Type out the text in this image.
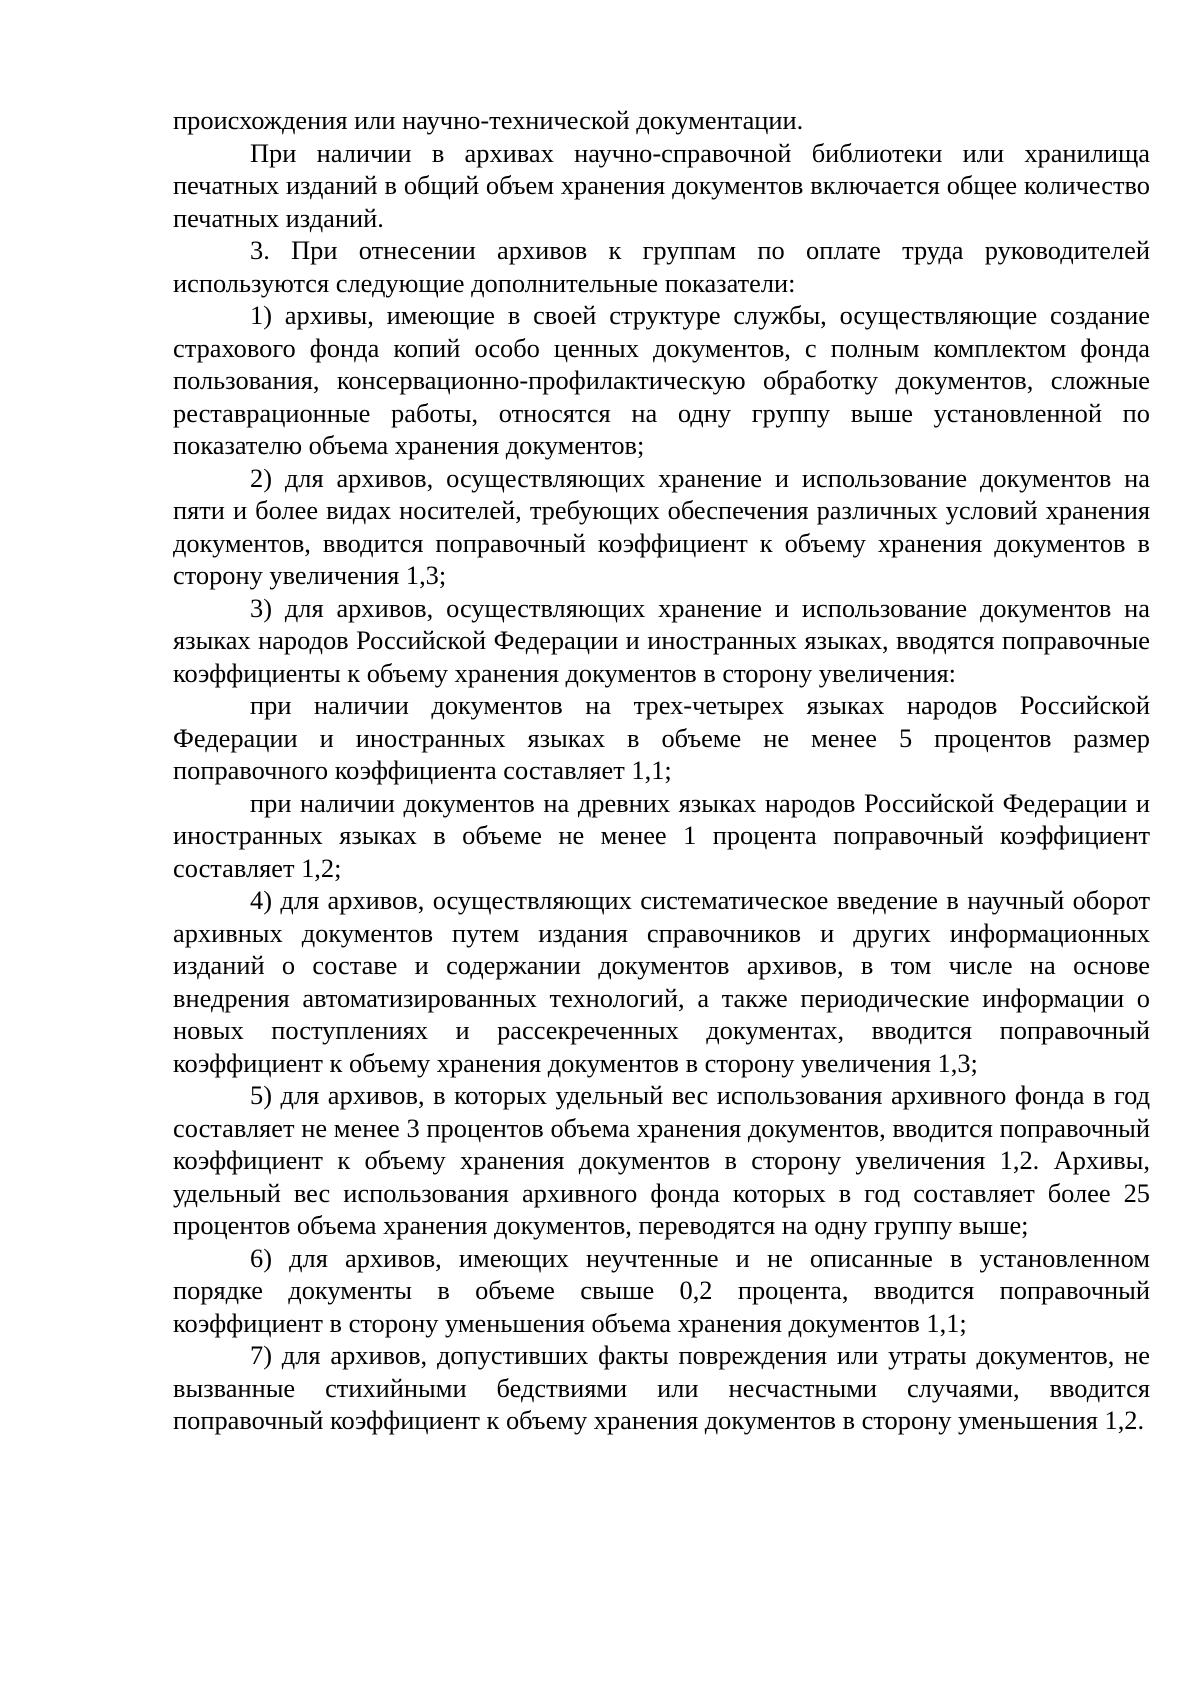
происхождения или научно-технической документации.

При наличии в архивах научно-справочной библиотеки или хранилища печатных изданий в общий объем хранения документов включается общее количество печатных изданий.

3. При отнесении архивов к группам по оплате труда руководителей используются следующие дополнительные показатели:

1) архивы, имеющие в своей структуре службы, осуществляющие создание страхового фонда копий особо ценных документов, с полным комплектом фонда пользования, консервационно-профилактическую обработку документов, сложные реставрационные работы, относятся на одну группу выше установленной по показателю объема хранения документов;

2) для архивов, осуществляющих хранение и использование документов на пяти и более видах носителей, требующих обеспечения различных условий хранения документов, вводится поправочный коэффициент к объему хранения документов в сторону увеличения 1,3;

3) для архивов, осуществляющих хранение и использование документов на языках народов Российской Федерации и иностранных языках, вводятся поправочные коэффициенты к объему хранения документов в сторону увеличения:

при наличии документов на трех-четырех языках народов Российской Федерации и иностранных языках в объеме не менее 5 процентов размер поправочного коэффициента составляет 1,1;

при наличии документов на древних языках народов Российской Федерации и иностранных языках в объеме не менее 1 процента поправочный коэффициент составляет 1,2;

4) для архивов, осуществляющих систематическое введение в научный оборот архивных документов путем издания справочников и других информационных изданий о составе и содержании документов архивов, в том числе на основе внедрения автоматизированных технологий, а также периодические информации о новых поступлениях и рассекреченных документах, вводится поправочный коэффициент к объему хранения документов в сторону увеличения 1,3;

5) для архивов, в которых удельный вес использования архивного фонда в год составляет не менее 3 процентов объема хранения документов, вводится поправочный коэффициент к объему хранения документов в сторону увеличения 1,2. Архивы, удельный вес использования архивного фонда которых в год составляет более 25 процентов объема хранения документов, переводятся на одну группу выше;

6) для архивов, имеющих неучтенные и не описанные в установленном порядке документы в объеме свыше 0,2 процента, вводится поправочный коэффициент в сторону уменьшения объема хранения документов 1,1;

7) для архивов, допустивших факты повреждения или утраты документов, не вызванные стихийными бедствиями или несчастными случаями, вводится поправочный коэффициент к объему хранения документов в сторону уменьшения 1,2.
